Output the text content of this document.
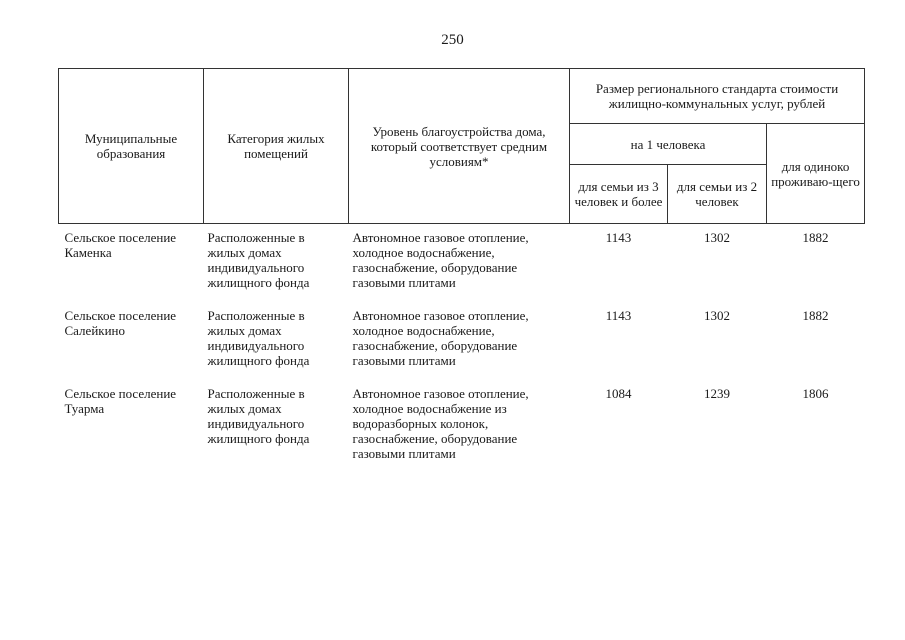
250
Муниципальные образования	Категория жилых помещений	Уровень благоустройства дома, который соответствует средним условиям*	Размер регионального стандарта стоимости жилищно-коммунальных услуг, рублей		
			на 1 человека		для одиноко проживаю-щего
			для семьи из 3 человек и более	для семьи из 2 человек	
Сельское поселение Каменка	Расположенные в жилых домах индивидуального жилищного фонда	Автономное газовое отопление, холодное водоснабжение, газоснабжение, оборудование газовыми плитами	1143	1302	1882
Сельское поселение Салейкино	Расположенные в жилых домах индивидуального жилищного фонда	Автономное газовое отопление, холодное водоснабжение, газоснабжение, оборудование газовыми плитами	1143	1302	1882
Сельское поселение Туарма	Расположенные в жилых домах индивидуального жилищного фонда	Автономное газовое отопление, холодное водоснабжение из водоразборных колонок, газоснабжение, оборудование газовыми плитами	1084	1239	1806
